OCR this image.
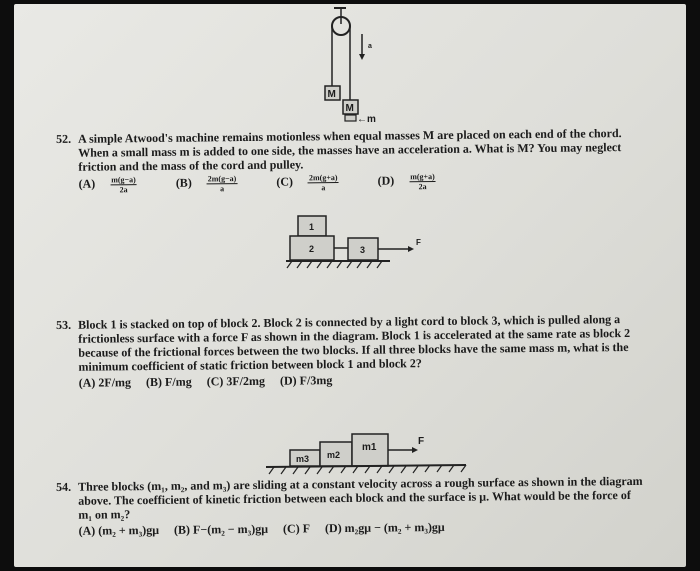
M
M
←m
a
52. A simple Atwood's machine remains motionless when equal masses M are placed on each end of the chord.
When a small mass m is added to one side, the masses have an acceleration a. What is M? You may neglect
friction and the mass of the cord and pulley.
$(A) \frac{m(g-a)}{2a} (B) \frac{2m(g-a)}{a} (C) \frac{2m(g+a)}{a} (D) \frac{m(g+a)}{2a}$
1
2	3
F
53. Block 1 is stacked on top of block 2. Block 2 is connected by a light cord to block 3, which is pulled along a
frictionless surface with a force F as shown in the diagram. Block 1 is accelerated at the same rate as block 2
because of the frictional forces between the two blocks. If all three blocks have the same mass m, what is the
minimum coefficient of static friction between block 1 and block 2?
(A) 2F/mg (B) F/mg (C) 3F/2mg (D) F/3mg
m3 m2
m1
F
54. Three blocks (m₁, m₂, and m₃) are sliding at a constant velocity across a rough surface as shown in the diagram
above. The coefficient of kinetic friction between each block and the surface is μ. What would be the force of
m₁ on m₂?
(A) (m₂ + m₃)gμ (B) F−(m₂ − m₃)gμ (C) F (D) m₂gμ − (m₂ + m₃)gμ
